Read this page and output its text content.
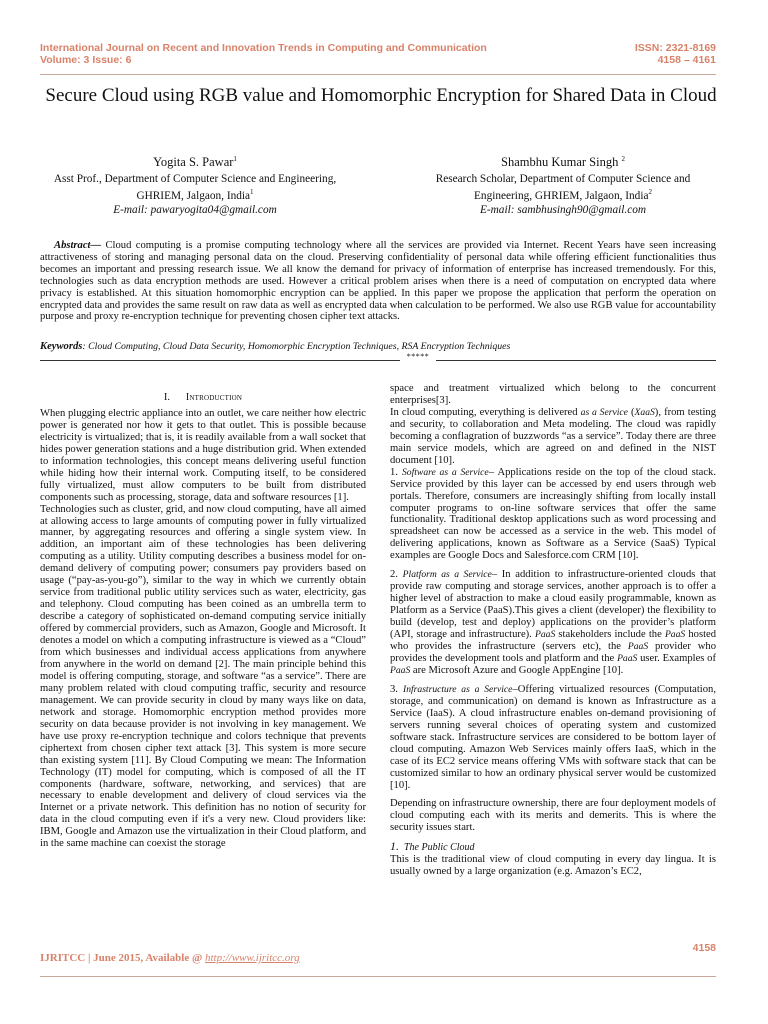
International Journal on Recent and Innovation Trends in Computing and Communication
Volume: 3 Issue: 6
ISSN: 2321-8169
4158 – 4161
Secure Cloud using RGB value and Homomorphic Encryption for Shared Data in Cloud
Yogita S. Pawar$^1$
Asst Prof., Department of Computer Science and Engineering,
GHRIEM, Jalgaon, India$^1$
E-mail: pawaryogita04@gmail.com
Shambhu Kumar Singh $^2$
Research Scholar, Department of Computer Science and
Engineering, GHRIEM, Jalgaon, India$^2$
E-mail: sambhusingh90@gmail.com
Abstract— Cloud computing is a promise computing technology where all the services are provided via Internet. Recent Years have seen increasing attractiveness of storing and managing personal data on the cloud. Preserving confidentiality of personal data while offering efficient functionalities thus becomes an important and pressing research issue. We all know the demand for privacy of information of enterprise has increased tremendously. For this, technologies such as data encryption methods are used. However a critical problem arises when there is a need of computation on encrypted data where privacy is established. At this situation homomorphic encryption can be applied. In this paper we propose the application that perform the operation on encrypted data and provides the same result on raw data as well as encrypted data when calculation to be performed. We also use RGB value for accountability purpose and proxy re-encryption technique for preventing chosen cipher text attacks.
Keywords: Cloud Computing, Cloud Data Security, Homomorphic Encryption Techniques, RSA Encryption Techniques
*****

I. Introduction

When plugging electric appliance into an outlet, we care neither how electric power is generated nor how it gets to that outlet. This is possible because electricity is virtualized; that is, it is readily available from a wall socket that hides power generation stations and a huge distribution grid. When extended to information technologies, this concept means delivering useful function while hiding how their internal work. Computing itself, to be considered fully virtualized, must allow computers to be built from distributed components such as processing, storage, data and software resources [1].

Technologies such as cluster, grid, and now cloud computing, have all aimed at allowing access to large amounts of computing power in fully virtualized manner, by aggregating resources and offering a single system view. In addition, an important aim of these technologies has been delivering computing as a utility. Utility computing describes a business model for on-demand delivery of computing power; consumers pay providers based on usage (“pay-as-you-go”), similar to the way in which we currently obtain service from traditional public utility services such as water, electricity, gas and telephony. Cloud computing has been coined as an umbrella term to describe a category of sophisticated on-demand computing service initially offered by commercial providers, such as Amazon, Google and Microsoft. It denotes a model on which a computing infrastructure is viewed as a “Cloud” from which businesses and individual access applications from anywhere from anywhere in the world on demand [2]. The main principle behind this model is offering computing, storage, and software “as a service”. There are many problem related with cloud computing traffic, security and resource management. We can provide security in cloud by many ways like on data, network and storage. Homomorphic encryption method provides more security on data because provider is not involving in key management. We have use proxy re-encryption technique and colors technique that prevents ciphertext from chosen cipher text attack [3]. This system is more secure than existing system [11]. By Cloud Computing we mean: The Information Technology (IT) model for computing, which is composed of all the IT components (hardware, software, networking, and services) that are necessary to enable development and delivery of cloud services via the Internet or a private network. This definition has no notion of security for data in the cloud computing even if it's a very new. Cloud providers like: IBM, Google and Amazon use the virtualization in their Cloud platform, and in the same machine can coexist the storage

space and treatment virtualized which belong to the concurrent enterprises[3].

In cloud computing, everything is delivered as a Service (XaaS), from testing and security, to collaboration and Meta modeling. The cloud was rapidly becoming a conflagration of buzzwords “as a service”. Today there are three main service models, which are agreed on and defined in the NIST document [10].

1. Software as a Service– Applications reside on the top of the cloud stack. Service provided by this layer can be accessed by end users through web portals. Therefore, consumers are increasingly shifting from locally install computer programs to on-line software services that offer the same functionality. Traditional desktop applications such as word processing and spreadsheet can now be accessed as a service in the web. This model of delivering applications, known as Software as a Service (SaaS) Typical examples are Google Docs and Salesforce.com CRM [10].

2. Platform as a Service– In addition to infrastructure-oriented clouds that provide raw computing and storage services, another approach is to offer a higher level of abstraction to make a cloud easily programmable, known as Platform as a Service (PaaS).This gives a client (developer) the flexibility to build (develop, test and deploy) applications on the provider’s platform (API, storage and infrastructure). PaaS stakeholders include the PaaS hosted who provides the infrastructure (servers etc), the PaaS provider who provides the development tools and platform and the PaaS user. Examples of PaaS are Microsoft Azure and Google AppEngine [10].

3. Infrastructure as a Service–Offering virtualized resources (Computation, storage, and communication) on demand is known as Infrastructure as a Service (IaaS). A cloud infrastructure enables on-demand provisioning of servers running several choices of operating system and customized software stack. Infrastructure services are considered to be bottom layer of cloud computing. Amazon Web Services mainly offers IaaS, which in the case of its EC2 service means offering VMs with software stack that can be customized similar to how an ordinary physical server would be customized [10].

Depending on infrastructure ownership, there are four deployment models of cloud computing each with its merits and demerits. This is where the security issues start.

1. The Public Cloud

This is the traditional view of cloud computing in every day lingua. It is usually owned by a large organization (e.g. Amazon’s EC2,

4158
IJRITCC | June 2015, Available @ http://www.ijritcc.org
